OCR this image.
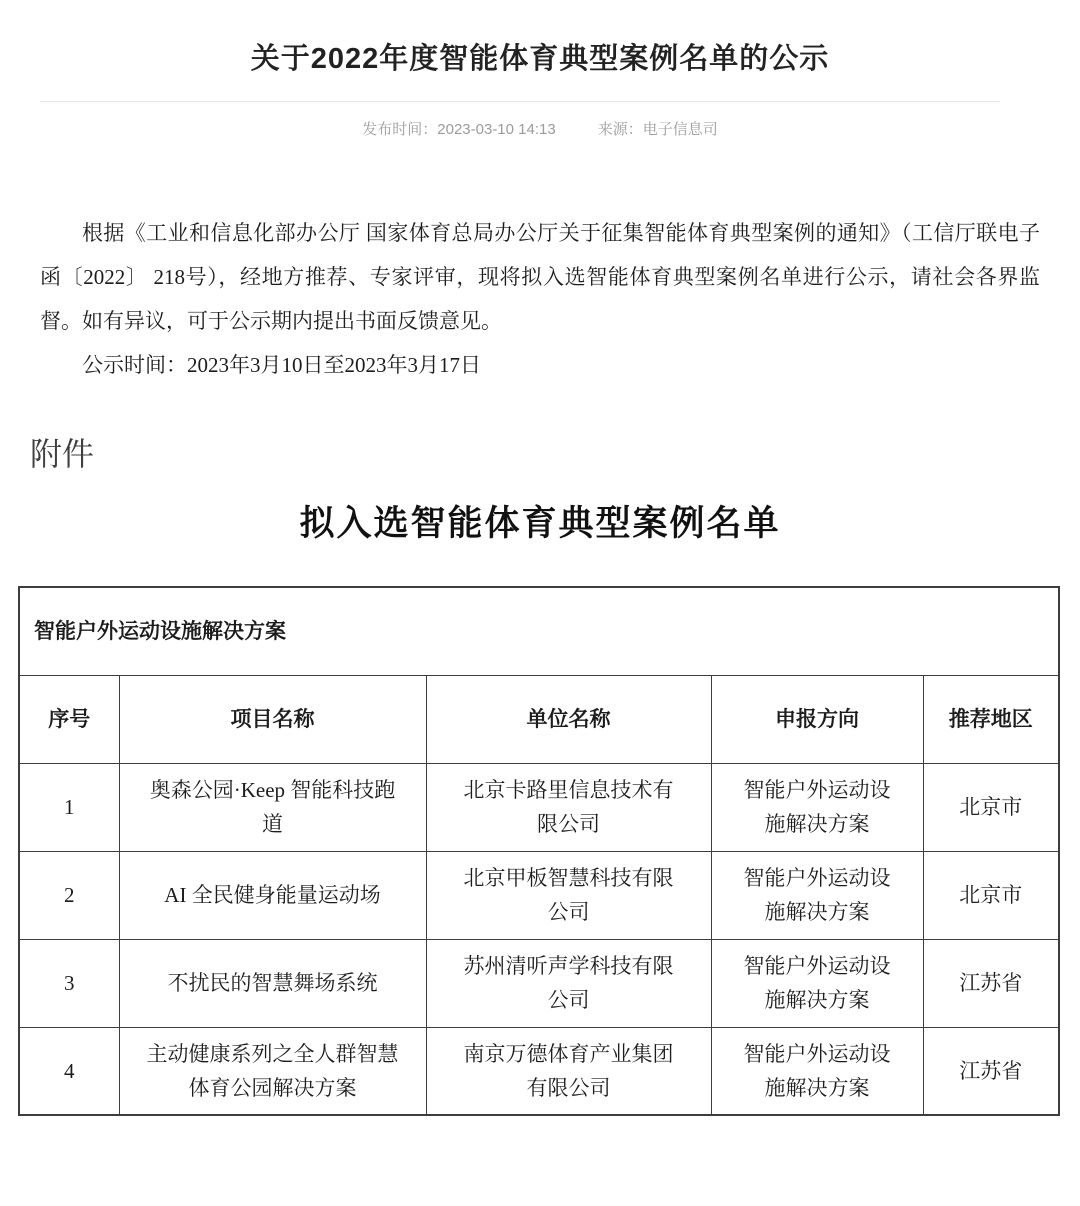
关于2022年度智能体育典型案例名单的公示
发布时间：2023-03-10 14:13	来源：电子信息司

根据《工业和信息化部办公厅 国家体育总局办公厅关于征集智能体育典型案例的通知》（工信厅联电子函〔2022〕 218号），经地方推荐、专家评审，现将拟入选智能体育典型案例名单进行公示，请社会各界监督。如有异议，可于公示期内提出书面反馈意见。

公示时间：2023年3月10日至2023年3月17日

附件
拟入选智能体育典型案例名单
智能户外运动设施解决方案				
序号	项目名称	单位名称	申报方向	推荐地区
1	奥森公园·Keep 智能科技跑道	北京卡路里信息技术有限公司	智能户外运动设施解决方案	北京市
2	AI 全民健身能量运动场	北京甲板智慧科技有限公司	智能户外运动设施解决方案	北京市
3	不扰民的智慧舞场系统	苏州清听声学科技有限公司	智能户外运动设施解决方案	江苏省
4	主动健康系列之全人群智慧体育公园解决方案	南京万德体育产业集团有限公司	智能户外运动设施解决方案	江苏省
